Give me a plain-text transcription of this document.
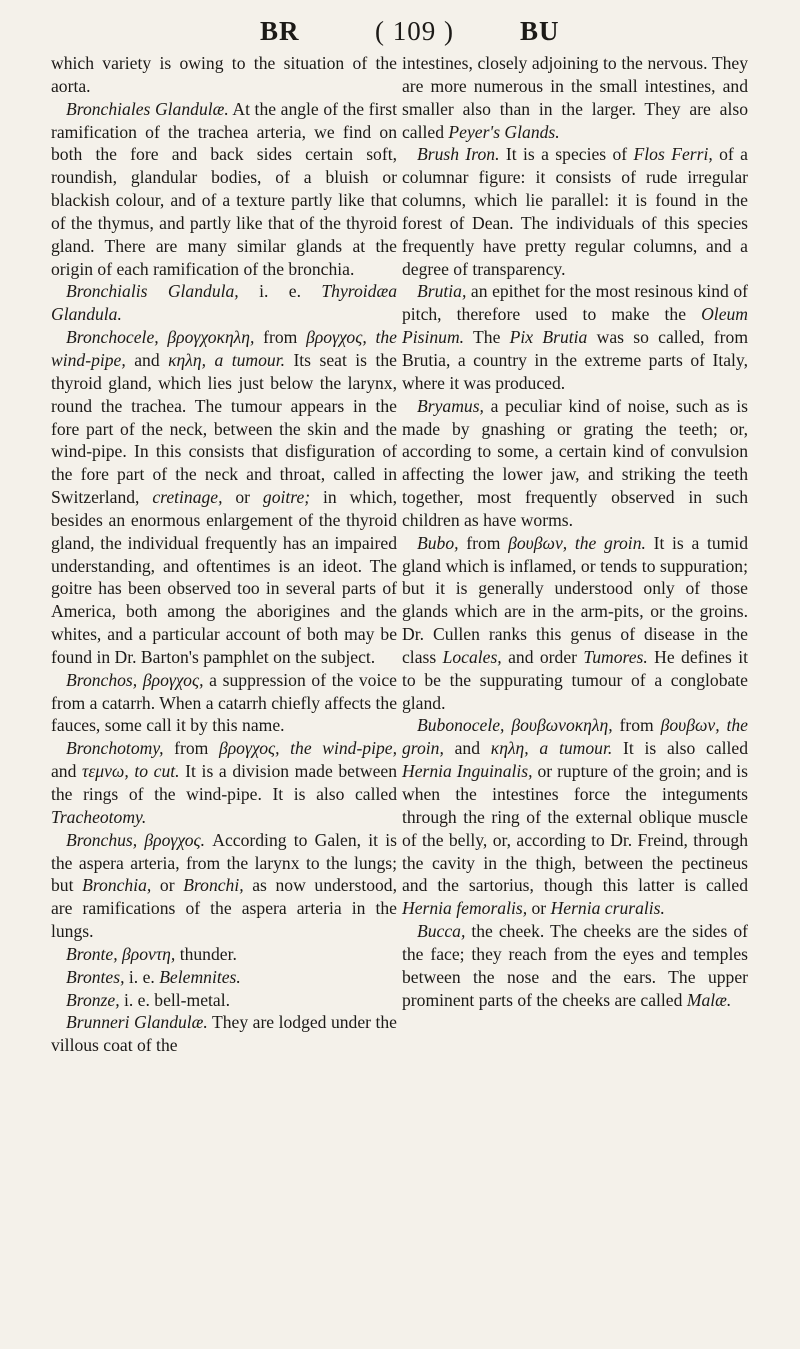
BR	( 109 ) BU

which variety is owing to the situation of the aorta.

Bronchiales Glandulæ. At the angle of the first ramification of the trachea arteria, we find on both the fore and back sides certain soft, roundish, glandular bodies, of a bluish or blackish colour, and of a texture partly like that of the thymus, and partly like that of the thyroid gland. There are many similar glands at the origin of each ramification of the bronchia.

Bronchialis Glandula, i. e. Thyroidæa Glandula.

Bronchocele, βρογχοκηλη, from βρογχος, the wind-pipe, and κηλη, a tumour. Its seat is the thyroid gland, which lies just below the larynx, round the trachea. The tumour appears in the fore part of the neck, between the skin and the wind-pipe. In this consists that disfiguration of the fore part of the neck and throat, called in Switzerland, cretinage, or goitre; in which, besides an enormous enlargement of the thyroid gland, the individual frequently has an impaired understanding, and oftentimes is an ideot. The goitre has been observed too in several parts of America, both among the aborigines and the whites, and a particular account of both may be found in Dr. Barton's pamphlet on the subject.

Bronchos, βρογχος, a suppression of the voice from a catarrh. When a catarrh chiefly affects the fauces, some call it by this name.

Bronchotomy, from βρογχος, the wind-pipe, and τεμνω, to cut. It is a division made between the rings of the wind-pipe. It is also called Tracheotomy.

Bronchus, βρογχος. According to Galen, it is the aspera arteria, from the larynx to the lungs; but Bronchia, or Bronchi, as now understood, are ramifications of the aspera arteria in the lungs.

Bronte, βροντη, thunder.

Brontes, i. e. Belemnites.

Bronze, i. e. bell-metal.

Brunneri Glandulæ. They are lodged under the villous coat of the

intestines, closely adjoining to the nervous. They are more numerous in the small intestines, and smaller also than in the larger. They are also called Peyer's Glands.

Brush Iron. It is a species of Flos Ferri, of a columnar figure: it consists of rude irregular columns, which lie parallel: it is found in the forest of Dean. The individuals of this species frequently have pretty regular columns, and a degree of transparency.

Brutia, an epithet for the most resinous kind of pitch, therefore used to make the Oleum Pisinum. The Pix Brutia was so called, from Brutia, a country in the extreme parts of Italy, where it was produced.

Bryamus, a peculiar kind of noise, such as is made by gnashing or grating the teeth; or, according to some, a certain kind of convulsion affecting the lower jaw, and striking the teeth together, most frequently observed in such children as have worms.

Bubo, from βουβων, the groin. It is a tumid gland which is inflamed, or tends to suppuration; but it is generally understood only of those glands which are in the arm-pits, or the groins. Dr. Cullen ranks this genus of disease in the class Locales, and order Tumores. He defines it to be the suppurating tumour of a conglobate gland.

Bubonocele, βουβωνοκηλη, from βουβων, the groin, and κηλη, a tumour. It is also called Hernia Inguinalis, or rupture of the groin; and is when the intestines force the integuments through the ring of the external oblique muscle of the belly, or, according to Dr. Freind, through the cavity in the thigh, between the pectineus and the sartorius, though this latter is called Hernia femoralis, or Hernia cruralis.

Bucca, the cheek. The cheeks are the sides of the face; they reach from the eyes and temples between the nose and the ears. The upper prominent parts of the cheeks are called Malæ.
